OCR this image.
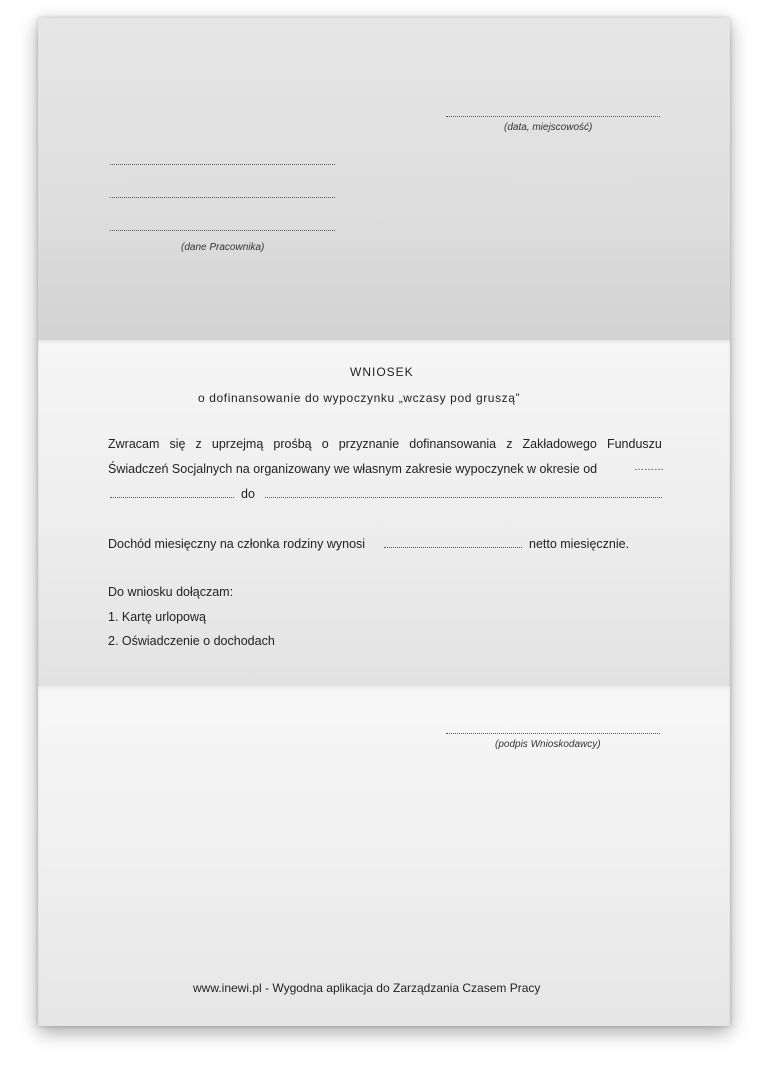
(data, miejscowość)
(dane Pracownika)
WNIOSEK
o dofinansowanie do wypoczynku „wczasy pod gruszą”
Zwracam się z uprzejmą prośbą o przyznanie dofinansowania z Zakładowego Funduszu
Świadczeń Socjalnych na organizowany we własnym zakresie wypoczynek w okresie od	………
do
Dochód miesięczny na członka rodziny wynosi	netto miesięcznie.
Do wniosku dołączam:
1. Kartę urlopową
2. Oświadczenie o dochodach
(podpis Wnioskodawcy)
www.inewi.pl - Wygodna aplikacja do Zarządzania Czasem Pracy
